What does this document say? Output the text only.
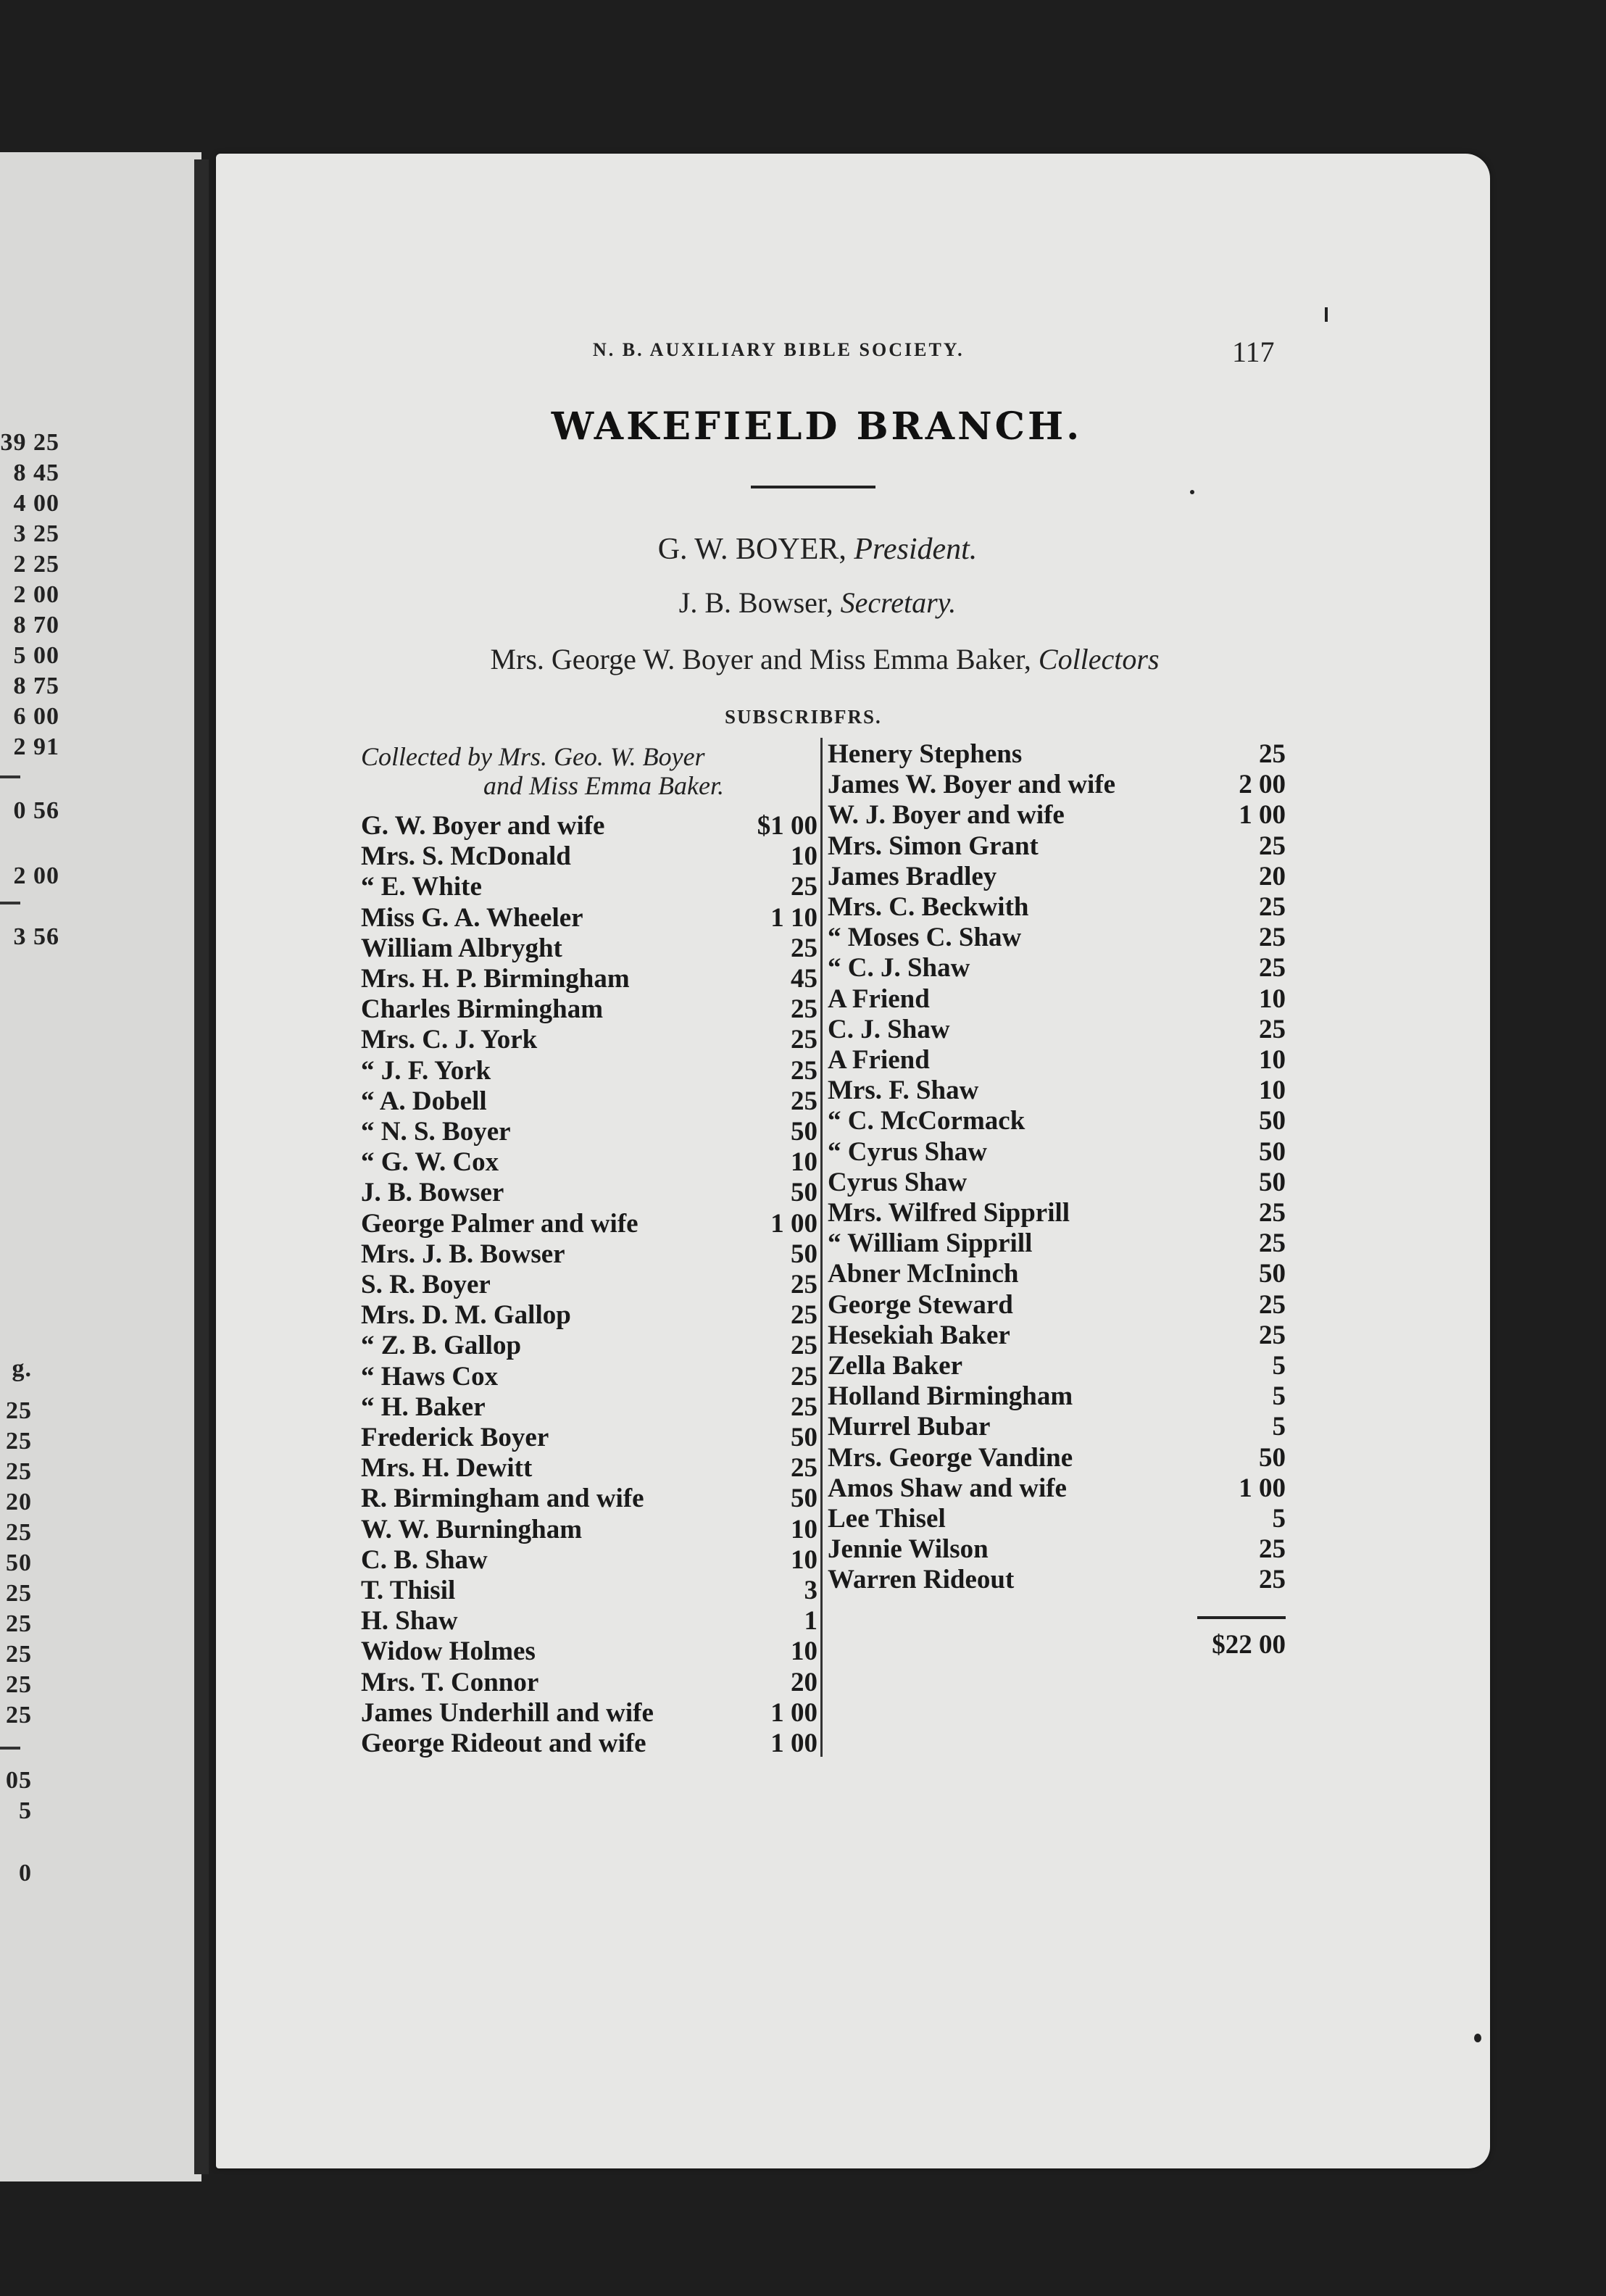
39 25
8 45
4 00
3 25
2 25
2 00
8 70
5 00
8 75
6 00
2 91
0 56
2 00
3 56
g.
25
25
25
20
25
50
25
25
25
25
25
05
5
0
N. B. AUXILIARY BIBLE SOCIETY.	117
WAKEFIELD BRANCH.
G. W. BOYER, President.
J. B. Bowser, Secretary.
Mrs. George W. Boyer and Miss Emma Baker, Collectors
SUBSCRIBFRS.
Collected by Mrs. Geo. W. Boyer
and Miss Emma Baker.
G. W. Boyer and wife	$1 00
Mrs. S. McDonald	10
“ E. White	25
Miss G. A. Wheeler	1 10
William Albryght	25
Mrs. H. P. Birmingham	45
Charles Birmingham	25
Mrs. C. J. York	25
“ J. F. York	25
“ A. Dobell	25
“ N. S. Boyer	50
“ G. W. Cox	10
J. B. Bowser	50
George Palmer and wife	1 00
Mrs. J. B. Bowser	50
S. R. Boyer	25
Mrs. D. M. Gallop	25
“ Z. B. Gallop	25
“ Haws Cox	25
“ H. Baker	25
Frederick Boyer	50
Mrs. H. Dewitt	25
R. Birmingham and wife	50
W. W. Burningham	10
C. B. Shaw	10
T. Thisil	3
H. Shaw	1
Widow Holmes	10
Mrs. T. Connor	20
James Underhill and wife	1 00
George Rideout and wife	1 00
Henery Stephens	25
James W. Boyer and wife	2 00
W. J. Boyer and wife	1 00
Mrs. Simon Grant	25
James Bradley	20
Mrs. C. Beckwith	25
“ Moses C. Shaw	25
“ C. J. Shaw	25
A Friend	10
C. J. Shaw	25
A Friend	10
Mrs. F. Shaw	10
“ C. McCormack	50
“ Cyrus Shaw	50
Cyrus Shaw	50
Mrs. Wilfred Sipprill	25
“ William Sipprill	25
Abner McIninch	50
George Steward	25
Hesekiah Baker	25
Zella Baker	5
Holland Birmingham	5
Murrel Bubar	5
Mrs. George Vandine	50
Amos Shaw and wife	1 00
Lee Thisel	5
Jennie Wilson	25
Warren Rideout	25
$22 00
